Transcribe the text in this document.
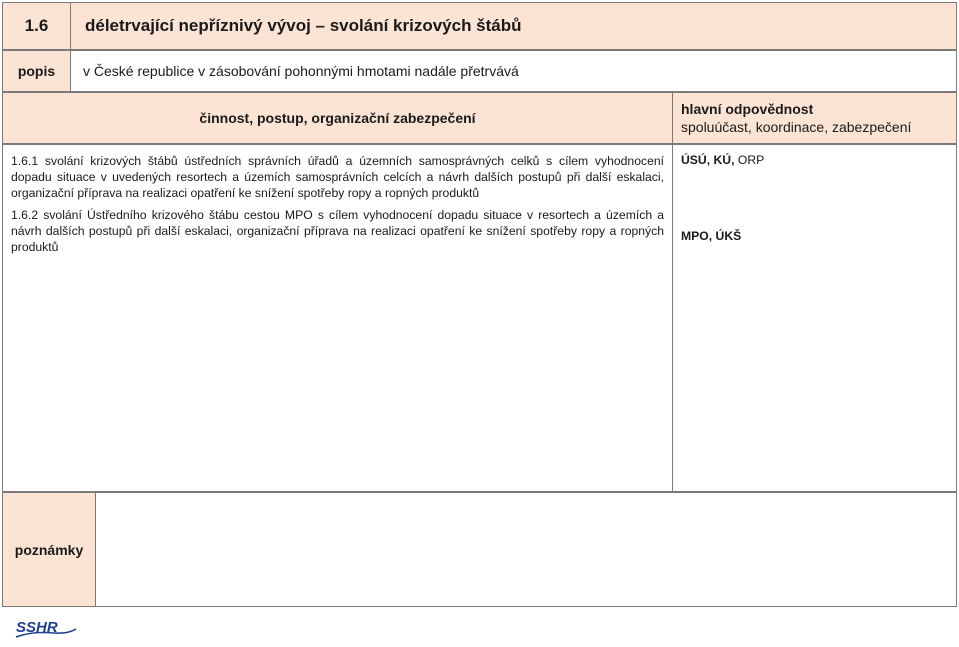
1.6	déletrvající nepříznivý vývoj – svolání krizových štábů
popis	v České republice v zásobování pohonnými hmotami nadále přetrvává
činnost, postup, organizační zabezpečení
hlavní odpovědnost
spoluúčast, koordinace, zabezpečení

1.6.1 svolání krizových štábů ústředních správních úřadů a územních samosprávných celků s cílem vyhodnocení dopadu situace v uvedených resortech a územích samosprávních celcích a návrh dalších postupů při další eskalaci, organizační příprava na realizaci opatření ke snížení spotřeby ropy a ropných produktů

1.6.2 svolání Ústředního krizového štábu cestou MPO s cílem vyhodnocení dopadu situace v resortech a územích a návrh dalších postupů při další eskalaci, organizační příprava na realizaci opatření ke snížení spotřeby ropy a ropných produktů

ÚSÚ, KÚ, ORP
MPO, ÚKŠ
poznámky
SSHR
